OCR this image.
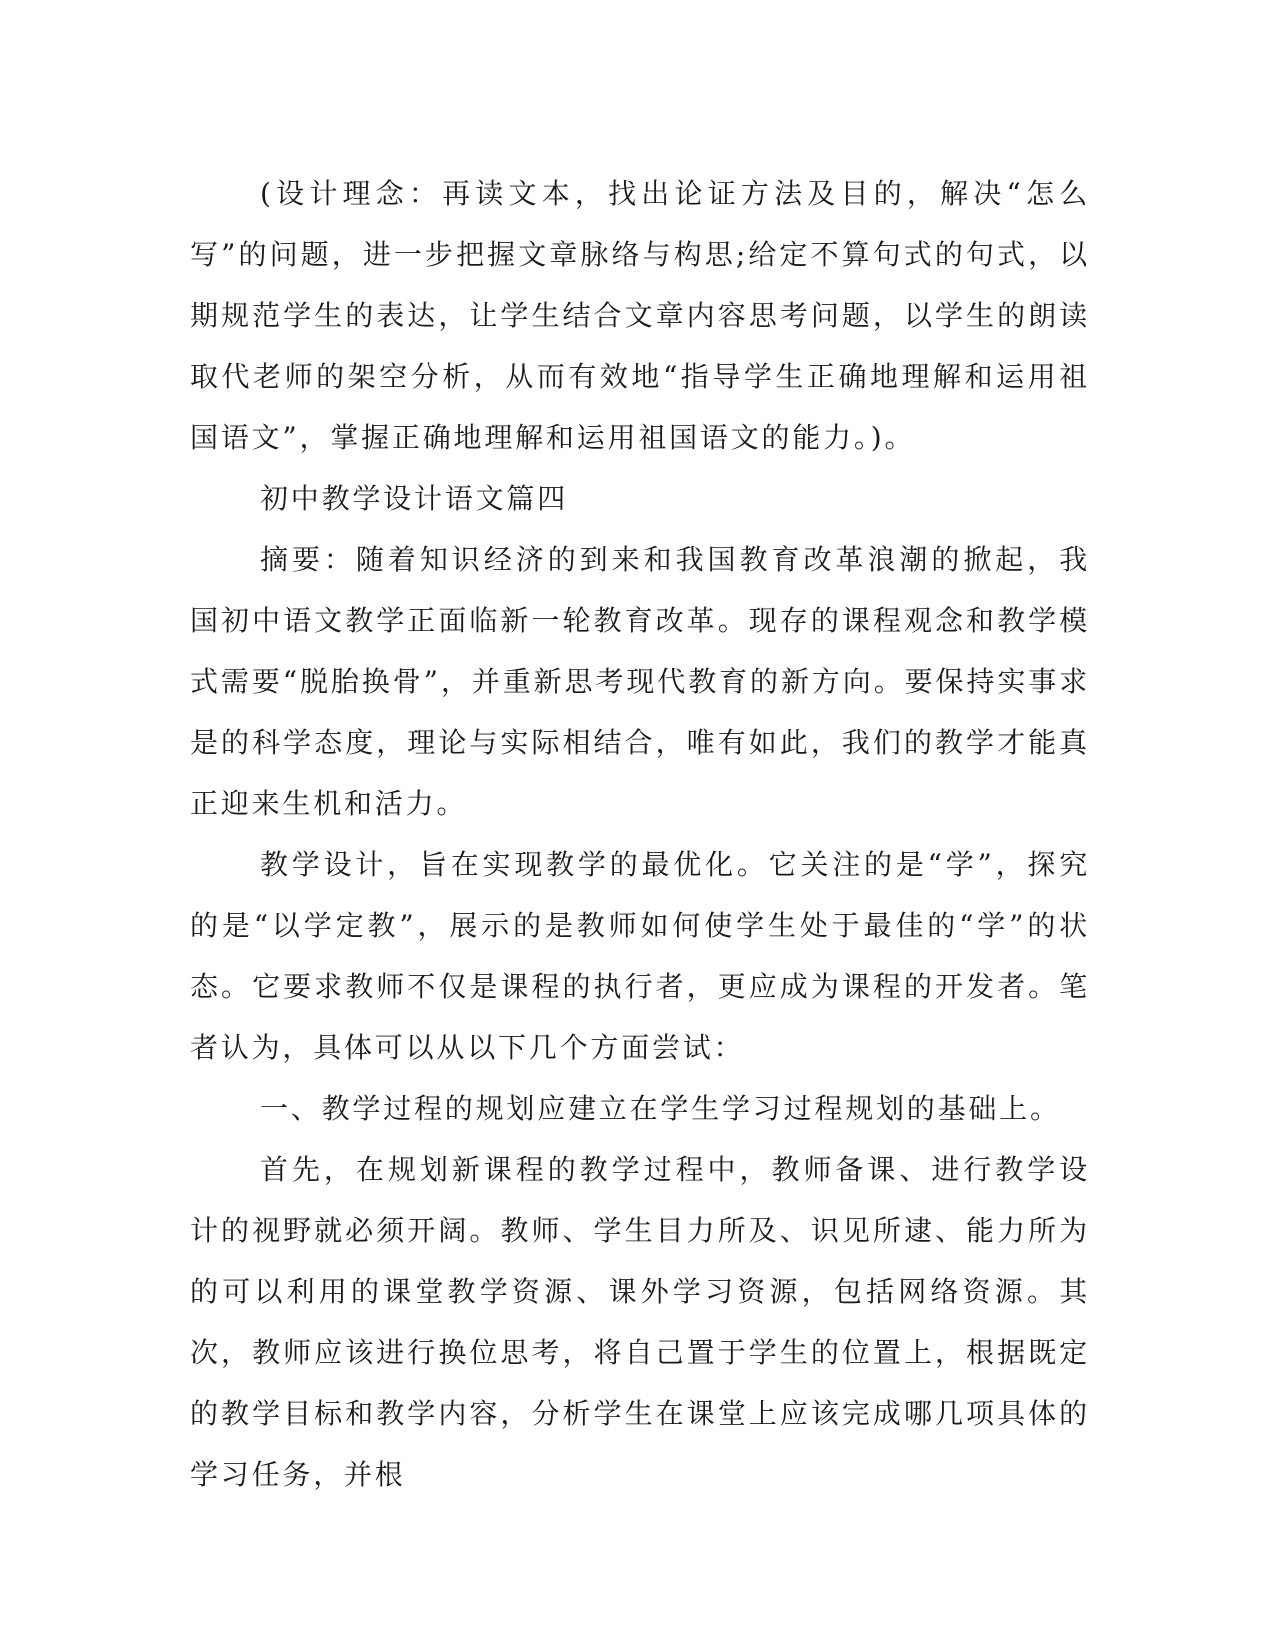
(设计理念：再读文本，找出论证方法及目的，解决“怎么写”的问题，进一步把握文章脉络与构思;给定不算句式的句式，以期规范学生的表达，让学生结合文章内容思考问题，以学生的朗读取代老师的架空分析，从而有效地“指导学生正确地理解和运用祖国语文”，掌握正确地理解和运用祖国语文的能力。)。

初中教学设计语文篇四

摘要：随着知识经济的到来和我国教育改革浪潮的掀起，我国初中语文教学正面临新一轮教育改革。现存的课程观念和教学模式需要“脱胎换骨”，并重新思考现代教育的新方向。要保持实事求是的科学态度，理论与实际相结合，唯有如此，我们的教学才能真正迎来生机和活力。

教学设计，旨在实现教学的最优化。它关注的是“学”，探究的是“以学定教”，展示的是教师如何使学生处于最佳的“学”的状态。它要求教师不仅是课程的执行者，更应成为课程的开发者。笔者认为，具体可以从以下几个方面尝试：

一、教学过程的规划应建立在学生学习过程规划的基础上。

首先，在规划新课程的教学过程中，教师备课、进行教学设计的视野就必须开阔。教师、学生目力所及、识见所逮、能力所为的可以利用的课堂教学资源、课外学习资源，包括网络资源。其次，教师应该进行换位思考，将自己置于学生的位置上，根据既定的教学目标和教学内容，分析学生在课堂上应该完成哪几项具体的学习任务，并根
